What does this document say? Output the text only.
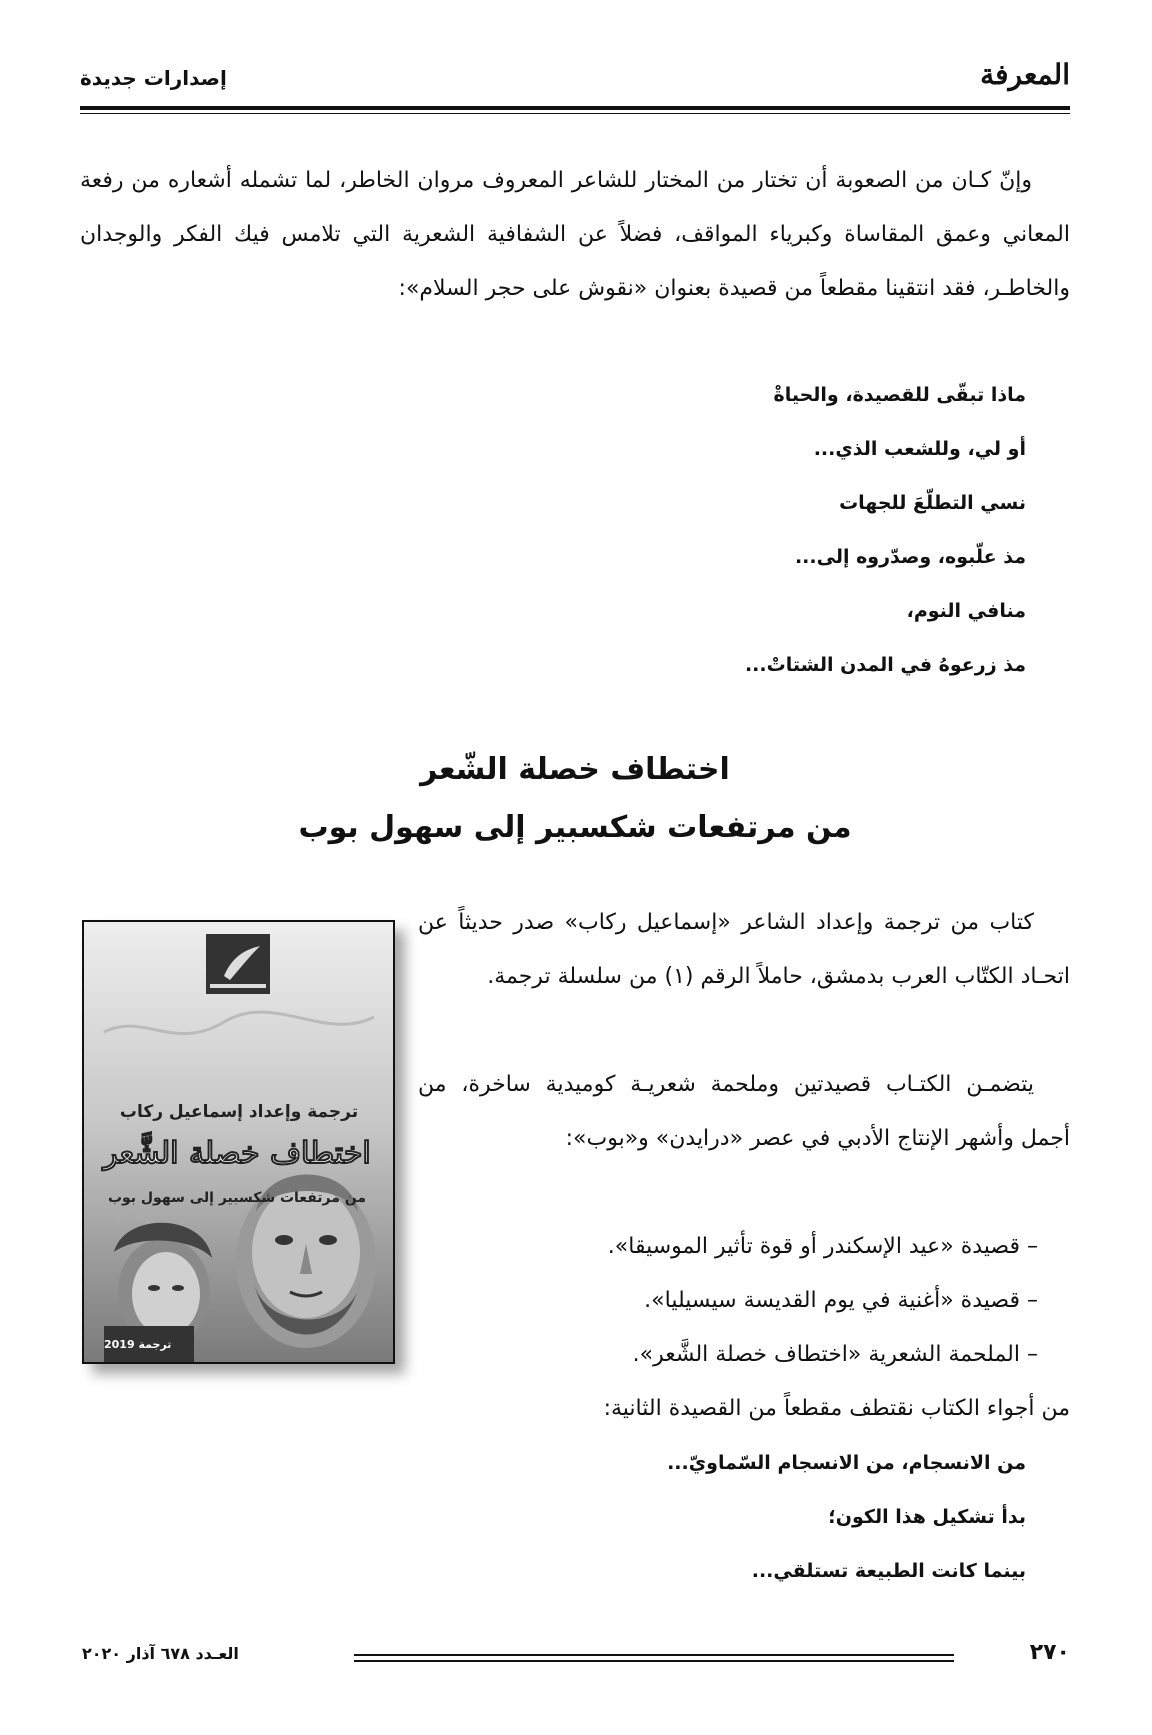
المعرفة
إصدارات جديدة

وإنّ كـان من الصعوبة أن تختار من المختار للشاعر المعروف مروان الخاطر، لما تشمله أشعاره من رفعة المعاني وعمق المقاساة وكبرياء المواقف، فضلاً عن الشفافية الشعرية التي تلامس فيك الفكر والوجدان والخاطـر، فقد انتقينا مقطعاً من قصيدة بعنوان «نقوش على حجر السلام»:

ماذا تبقّى للقصيدة، والحياةْ
أو لي، وللشعب الذي...
نسي التطلّعَ للجهات
مذ علّبوه، وصدّروه إلى...
منافي النوم،
مذ زرعوهُ في المدن الشتاتْ...
اختطاف خصلة الشّعر
من مرتفعات شكسبير إلى سهول بوب
ترجمة وإعداد إسماعيل ركاب
اختطاف خصلة الشَّعر
من مرتفعات شكسبير إلى سهول بوب
ترجمة 2019

كتاب من ترجمة وإعداد الشاعر «إسماعيل ركاب» صدر حديثاً عن اتحـاد الكتّاب العرب بدمشق، حاملاً الرقم (١) من سلسلة ترجمة.

يتضمـن الكتـاب قصيدتين وملحمة شعريـة كوميدية ساخرة، من أجمل وأشهر الإنتاج الأدبي في عصر «درايدن» و«بوب»:

– قصيدة «عيد الإسكندر أو قوة تأثير الموسيقا».
– قصيدة «أغنية في يوم القديسة سيسيليا».
– الملحمة الشعرية «اختطاف خصلة الشَّعر».

من أجواء الكتاب نقتطف مقطعاً من القصيدة الثانية:

من الانسجام، من الانسجام السّماويّ...
بدأ تشكيل هذا الكون؛
بينما كانت الطبيعة تستلقي...
٢٧٠
العـدد ٦٧٨ آذار ٢٠٢٠
